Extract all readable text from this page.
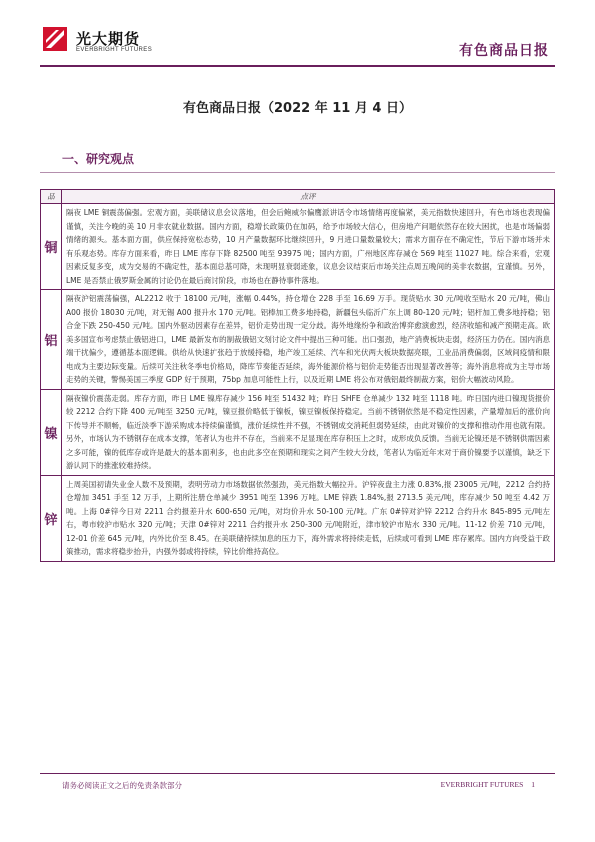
光大期货
EVERBRIGHT FUTURES	有色商品日报
有色商品日报（2022 年 11 月 4 日）
一、研究观点
品	点评
铜	隔夜 LME 铜震荡偏强。宏观方面，美联储议息会议落地，但会后鲍威尔偏鹰派讲话令市场情绪再度偏紧，美元指数快速回升，有色市场也表现偏谨慎，关注今晚的美 10 月非农就业数据。国内方面，稳增长政策仍在加码，给予市场较大信心，但房地产问题依然存在较大困扰，也是市场偏弱情绪的源头。基本面方面，供应保持宽松态势，10 月产量数据环比继续回升，9 月进口量数量较大；需求方面存在不确定性，节后下游市场并未有乐观态势。库存方面来看，昨日 LME 库存下降 82500 吨至 93975 吨；国内方面，广州地区库存减仓 569 吨至 11027 吨。综合来看，宏观因素反复多变，成为交易的不确定性，基本面总基可降，未现明显衰弱迹象，议息会议结束后市场关注点周五晚间的美非农数据，宜谨慎。另外，LME 是否禁止俄罗斯金属的讨论仍在最后商讨阶段，市场也在静待事件落地。
铝	隔夜沪铝震荡偏强，AL2212 收于 18100 元/吨，涨幅 0.44%，持仓增仓 228 手至 16.69 万手。现货贴水 30 元/吨收至贴水 20 元/吨，佛山 A00 报价 18030 元/吨，对无锡 A00 报升水 170 元/吨。铝棒加工费多地持稳，新疆包头临沂广东上调 80-120 元/吨；铝杆加工费多地持稳；铝合金下跌 250-450 元/吨。国内外驱动因素存在差异，铝价走势出现一定分歧。海外地缘纷争和政治博弈愈演愈烈，经济收缩和减产预期走高。欧美多国宣布考虑禁止俄铝进口，LME 最新发布的制裁俄铝文刻讨论文件中提出三种可能。出口强劲，地产消费板块走弱，经济压力仍在。国内消息端干扰偏少，遵循基本面逻辑。供给从快速扩张趋于放缓持稳，地产竣工延续、汽车和光伏两大板块数据亮眼，工业品消费偏弱，区域间疫情和限电成为主要边际变量。后续可关注秋冬季电价格局，降库节奏能否延续，海外能源价格与铝价走势能否出现显著改善等；海外消息将成为主导市场走势的关键，警惕美国三季度 GDP 好于预期，75bp 加息可能性上行，以及近期 LME 将公布对俄铝最终制裁方案，铝价大幅波动风险。
镍	隔夜镍价震荡走弱。库存方面，昨日 LME 镍库存减少 156 吨至 51432 吨；昨日 SHFE 仓单减少 132 吨至 1118 吨。昨日国内进口镍现货报价较 2212 合约下降 400 元/吨至 3250 元/吨，镍豆报价略低于镍板，镍豆镍板保持稳定。当前不锈钢依然是不稳定性因素，产量增加后的涨价向下传导并不顺畅，临近淡季下游采购成本持续偏谨慎，涨价延续性并不强，不锈钢成交消耗但弱势延续，由此对镍价的支撑和推动作用也就有限。另外，市场认为不锈钢存在成本支撑，笔者认为也并不存在，当前来不足显现在库存积压上之时，成形成负反馈。当前无论镍还是不锈钢供需因素之多可能，镍的低库存或许是最大的基本面利多，也由此多空在预期和现实之间产生较大分歧，笔者认为临近年末对于商价镍要予以谨慎，缺乏下游认同下的推涨较难持续。
锌	上周美国初请失业金人数不及预期，表明劳动力市场数据依然强劲，美元指数大幅拉升。沪锌夜盘主力涨 0.83%,报 23005 元/吨，2212 合约持仓增加 3451 手至 12 万手，上期所注册仓单减少 3951 吨至 1396 万吨。LME 锌跌 1.84%,报 2713.5 美元/吨，库存减少 50 吨至 4.42 万吨。上海 0#锌今日对 2211 合约报差升水 600-650 元/吨，对均价升水 50-100 元/吨。广东 0#锌对沪锌 2212 合约升水 845-895 元/吨左右，粤市较沪市贴水 320 元/吨；天津 0#锌对 2211 合约报升水 250-300 元/吨附近，津市较沪市贴水 330 元/吨。11-12 价差 710 元/吨，12-01 价差 645 元/吨，内外比价至 8.45。在美联储持续加息的压力下，海外需求将持续走低，后续或可看到 LME 库存累库。国内方向受益于政策推动，需求将稳步抬升，内强外弱或将持续，锌比价维持高位。
请务必阅读正文之后的免责条款部分	EVERBRIGHT FUTURES 1
